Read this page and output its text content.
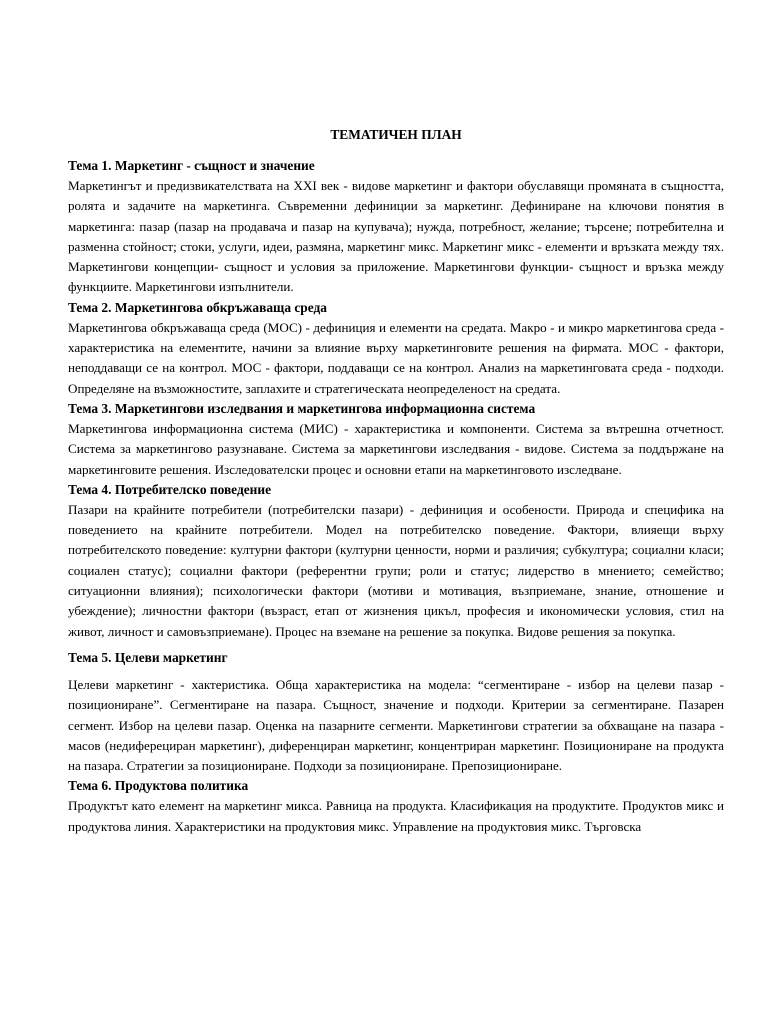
ТЕМАТИЧЕН ПЛАН
Тема 1. Маркетинг - същност и значение
Маркетингът и предизвикателствата на XXI век - видове маркетинг и фактори обуславящи промяната в същността, ролята и задачите на маркетинга. Съвременни дефиниции за маркетинг. Дефиниране на ключови понятия в маркетинга: пазар (пазар на продавача и пазар на купувача); нужда, потребност, желание; търсене; потребителна и разменна стойност; стоки, услуги, идеи, размяна, маркетинг микс. Маркетинг микс - елементи и връзката между тях. Маркетингови концепции- същност и условия за приложение. Маркетингови функции- същност и връзка между функциите. Маркетингови изпълнители.
Тема 2. Маркетингова обкръжаваща среда
Маркетингова обкръжаваща среда (МОС) - дефиниция и елементи на средата. Макро - и микро маркетингова среда - характеристика на елементите, начини за влияние върху маркетинговите решения на фирмата. МОС - фактори, неподдаващи се на контрол. МОС - фактори, поддаващи се на контрол. Анализ на маркетинговата среда - подходи. Определяне на възможностите, заплахите и стратегическата неопределеност на средата.
Тема 3. Маркетингови изследвания и маркетингова информационна система
Маркетингова информационна система (МИС) - характеристика и компоненти. Система за вътрешна отчетност. Система за маркетингово разузнаване. Система за маркетингови изследвания - видове. Система за поддържане на маркетинговите решения. Изследователски процес и основни етапи на маркетинговото изследване.
Тема 4. Потребителско поведение
Пазари на крайните потребители (потребителски пазари) - дефиниция и особености. Природа и специфика на поведението на крайните потребители. Модел на потребителско поведение. Фактори, влияещи върху потребителското поведение: културни фактори (културни ценности, норми и различия; субкултура; социални класи; социален статус); социални фактори (референтни групи; роли и статус; лидерство в мнението; семейство; ситуационни влияния); психологически фактори (мотиви и мотивация, възприемане, знание, отношение и убеждение); личностни фактори (възраст, етап от жизнения цикъл, професия и икономически условия, стил на живот, личност и самовъзприемане). Процес на вземане на решение за покупка. Видове решения за покупка.
Тема 5. Целеви маркетинг
Целеви маркетинг - хактеристика. Обща характеристика на модела: “сегментиране - избор на целеви пазар - позициониране”. Сегментиране на пазара. Същност, значение и подходи. Критерии за сегментиране. Пазарен сегмент. Избор на целеви пазар. Оценка на пазарните сегменти. Маркетингови стратегии за обхващане на пазара - масов (недиферециран маркетинг), диференциран маркетинг, концентриран маркетинг. Позициониране на продукта на пазара. Стратегии за позициониране. Подходи за позициониране. Препозициониране.
Тема 6. Продуктова политика
Продуктът като елемент на маркетинг микса. Равница на продукта. Класификация на продуктите. Продуктов микс и продуктова линия. Характеристики на продуктовия микс. Управление на продуктовия микс. Търговска
